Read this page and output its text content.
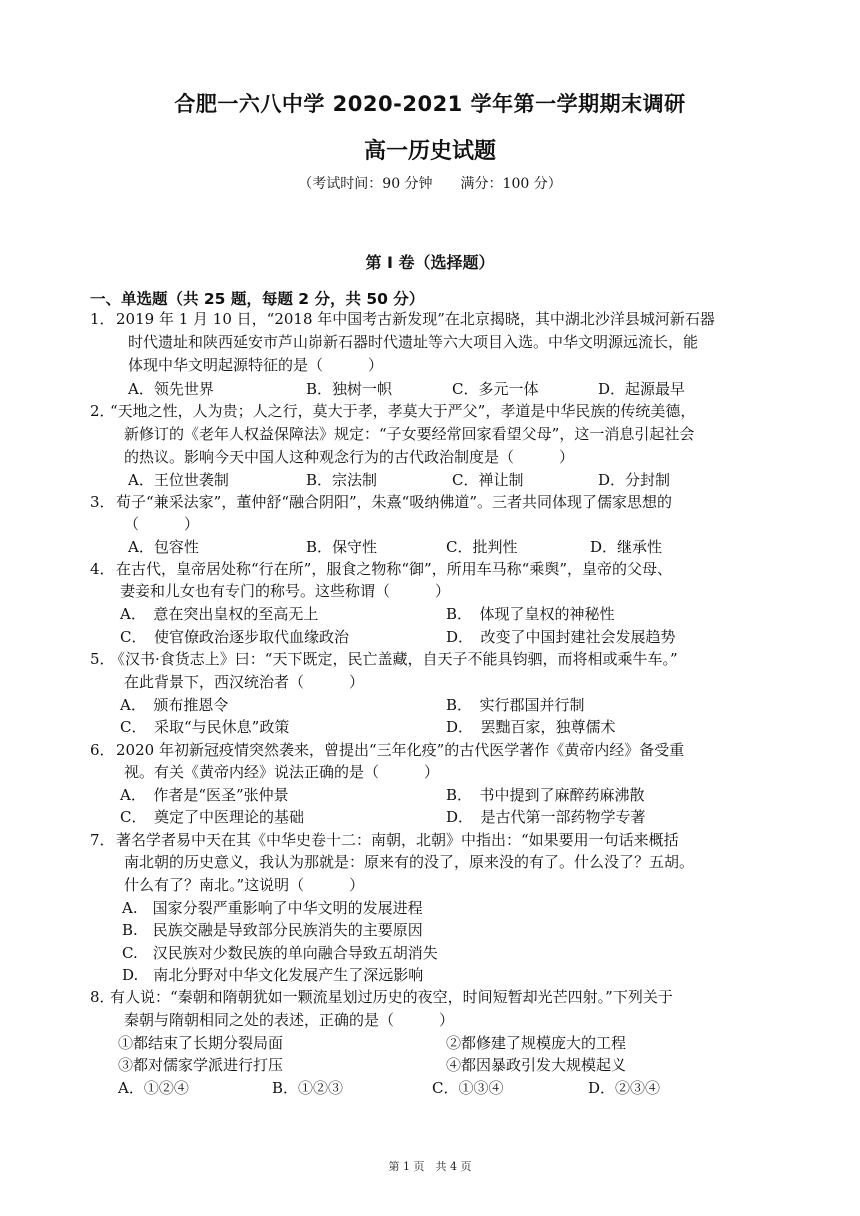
合肥一六八中学 2020-2021 学年第一学期期末调研
高一历史试题
（考试时间：90 分钟　　满分：100 分）
第 I 卷（选择题）
一、单选题（共 25 题，每题 2 分，共 50 分）
1． 2019 年 1 月 10 日，“2018 年中国考古新发现”在北京揭晓，其中湖北沙洋县城河新石器
时代遗址和陕西延安市芦山峁新石器时代遗址等六大项目入选。中华文明源远流长，能
体现中华文明起源特征的是（　　　）
A．领先世界	B．独树一帜	C．多元一体	D．起源最早
2．
“天地之性，人为贵；人之行，莫大于孝，孝莫大于严父”，孝道是中华民族的传统美德，
新修订的《老年人权益保障法》规定：“子女要经常回家看望父母”，这一消息引起社会
的热议。影响今天中国人这种观念行为的古代政治制度是（　　　）
A．王位世袭制	B．宗法制	C．禅让制	D．分封制
3． 荀子“兼采法家”，董仲舒“融合阴阳”，朱熹“吸纳佛道”。三者共同体现了儒家思想的
（　　　）
A．包容性	B．保守性	C．批判性	D．继承性
4． 在古代，皇帝居处称“行在所”，服食之物称“御”，所用车马称“乘舆”，皇帝的父母、
妻妾和儿女也有专门的称号。这些称谓（　　　）
A．　意在突出皇权的至高无上	B．　体现了皇权的神秘性
C．　使官僚政治逐步取代血缘政治	D．　改变了中国封建社会发展趋势
5．
《汉书·食货志上》曰：“天下既定，民亡盖藏，自天子不能具钧驷，而将相或乘牛车。”
在此背景下，西汉统治者（　　　）
A．　颁布推恩令	B．　实行郡国并行制
C．　采取“与民休息”政策	D．　罢黜百家，独尊儒术
6． 2020 年初新冠疫情突然袭来，曾提出“三年化疫”的古代医学著作《黄帝内经》备受重
视。有关《黄帝内经》说法正确的是（　　　）
A．　作者是“医圣”张仲景	B．　书中提到了麻醉药麻沸散
C．　奠定了中医理论的基础	D．　是古代第一部药物学专著
7． 著名学者易中天在其《中华史卷十二：南朝，北朝》中指出：“如果要用一句话来概括
南北朝的历史意义，我认为那就是：原来有的没了，原来没的有了。什么没了？五胡。
什么有了？南北。”这说明（　　　）
A.　国家分裂严重影响了中华文明的发展进程
B.　民族交融是导致部分民族消失的主要原因
C.　汉民族对少数民族的单向融合导致五胡消失
D.　南北分野对中华文化发展产生了深远影响
8．
有人说：“秦朝和隋朝犹如一颗流星划过历史的夜空，时间短暂却光芒四射。”下列关于
秦朝与隋朝相同之处的表述，正确的是（　　　）
①都结束了长期分裂局面	②都修建了规模庞大的工程
③都对儒家学派进行打压	④都因暴政引发大规模起义
A．①②④	B．①②③	C．①③④	D．②③④
第 1 页　共 4 页
